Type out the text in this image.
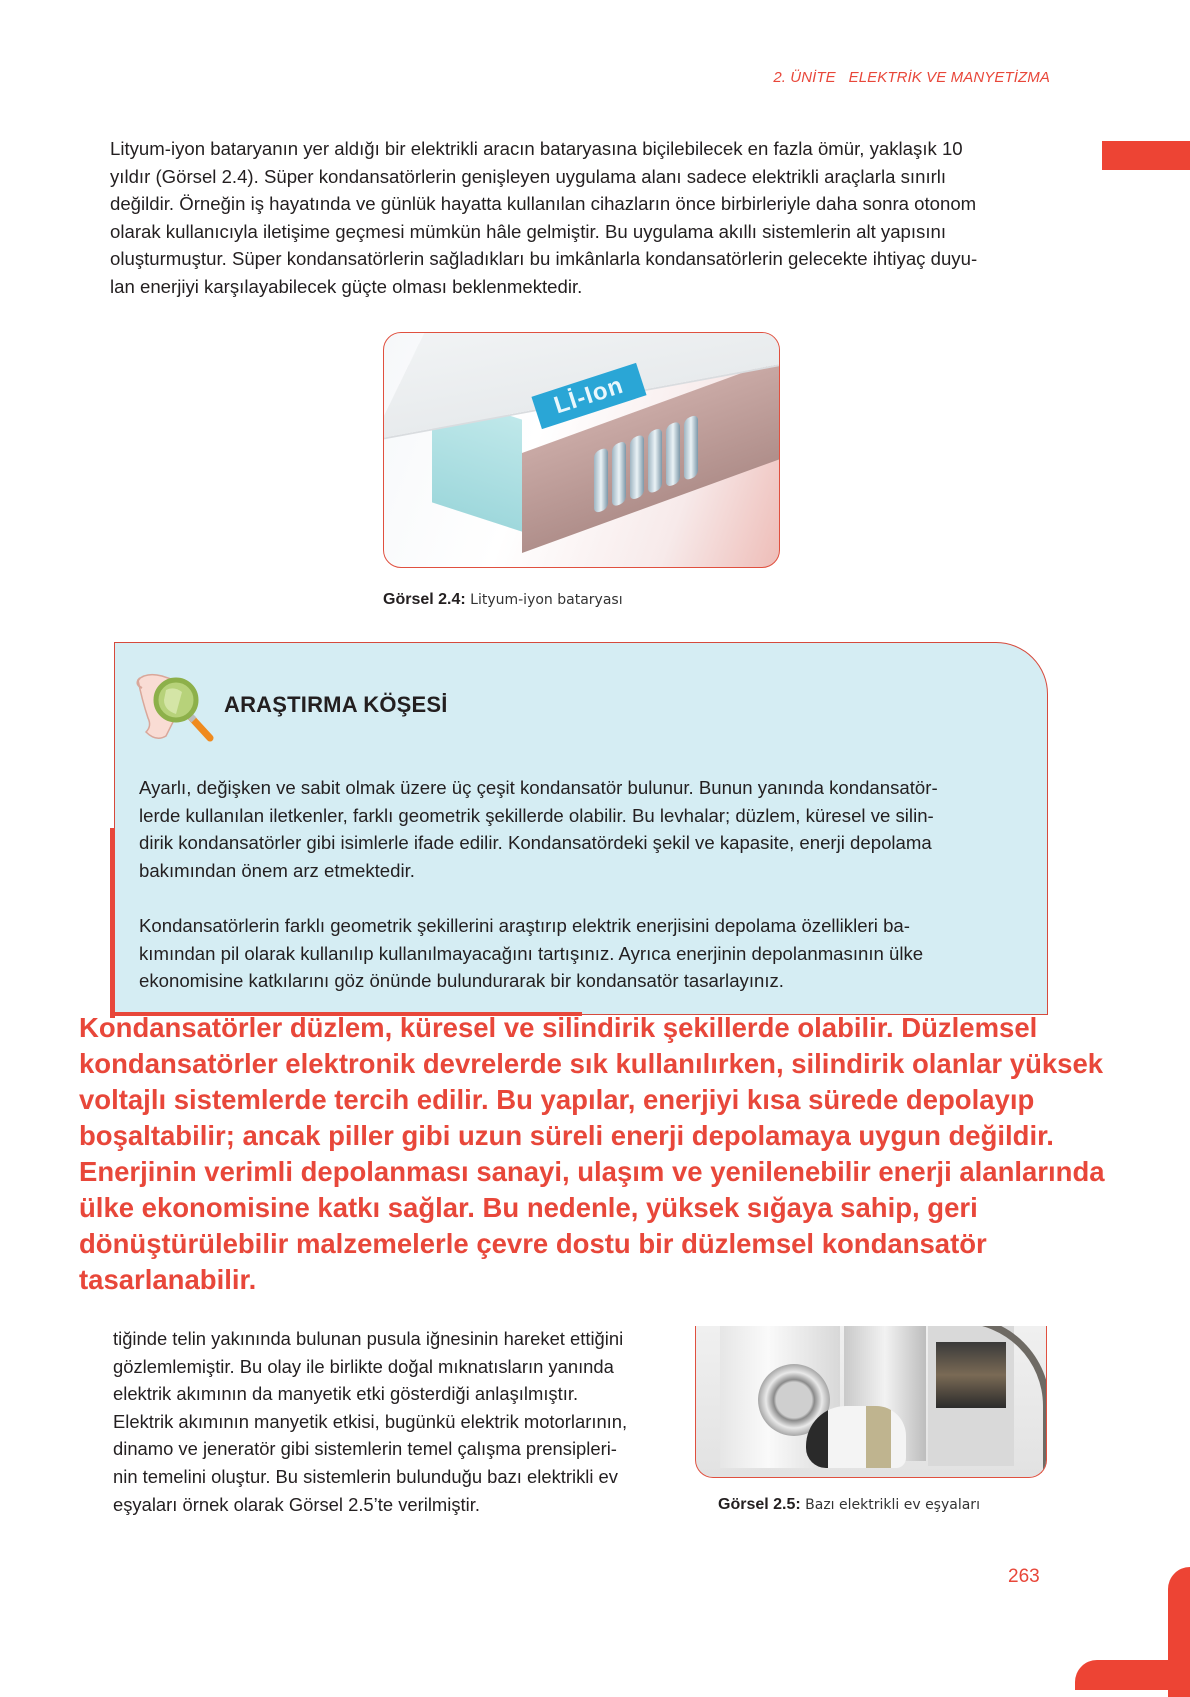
2. ÜNİTE   ELEKTRİK VE MANYETİZMA
Lityum-iyon bataryanın yer aldığı bir elektrikli aracın bataryasına biçilebilecek en fazla ömür, yaklaşık 10
yıldır (Görsel 2.4). Süper kondansatörlerin genişleyen uygulama alanı sadece elektrikli araçlarla sınırlı
değildir. Örneğin iş hayatında ve günlük hayatta kullanılan cihazların önce birbirleriyle daha sonra otonom
olarak kullanıcıyla iletişime geçmesi mümkün hâle gelmiştir. Bu uygulama akıllı sistemlerin alt yapısını
oluşturmuştur. Süper kondansatörlerin sağladıkları bu imkânlarla kondansatörlerin gelecekte ihtiyaç duyu-
lan enerjiyi karşılayabilecek güçte olması beklenmektedir.
Lİ-Ion
Görsel 2.4: Lityum-iyon bataryası
ARAŞTIRMA KÖŞESİ
Ayarlı, değişken ve sabit olmak üzere üç çeşit kondansatör bulunur. Bunun yanında kondansatör-
lerde kullanılan iletkenler, farklı geometrik şekillerde olabilir. Bu levhalar; düzlem, küresel ve silin-
dirik kondansatörler gibi isimlerle ifade edilir. Kondansatördeki şekil ve kapasite, enerji depolama
bakımından önem arz etmektedir.
Kondansatörlerin farklı geometrik şekillerini araştırıp elektrik enerjisini depolama özellikleri ba-
kımından pil olarak kullanılıp kullanılmayacağını tartışınız. Ayrıca enerjinin depolanmasının ülke
ekonomisine katkılarını göz önünde bulundurarak bir kondansatör tasarlayınız.
Kondansatörler düzlem, küresel ve silindirik şekillerde olabilir. Düzlemsel
kondansatörler elektronik devrelerde sık kullanılırken, silindirik olanlar yüksek
voltajlı sistemlerde tercih edilir. Bu yapılar, enerjiyi kısa sürede depolayıp
boşaltabilir; ancak piller gibi uzun süreli enerji depolamaya uygun değildir.
Enerjinin verimli depolanması sanayi, ulaşım ve yenilenebilir enerji alanlarında
ülke ekonomisine katkı sağlar. Bu nedenle, yüksek sığaya sahip, geri
dönüştürülebilir malzemelerle çevre dostu bir düzlemsel kondansatör
tasarlanabilir.
tiğinde telin yakınında bulunan pusula iğnesinin hareket ettiğini
gözlemlemiştir. Bu olay ile birlikte doğal mıknatısların yanında
elektrik akımının da manyetik etki gösterdiği anlaşılmıştır.
Elektrik akımının manyetik etkisi, bugünkü elektrik motorlarının,
dinamo ve jeneratör gibi sistemlerin temel çalışma prensipleri-
nin temelini oluştur. Bu sistemlerin bulunduğu bazı elektrikli ev
eşyaları örnek olarak Görsel 2.5’te verilmiştir.	Görsel 2.5: Bazı elektrikli ev eşyaları
263
